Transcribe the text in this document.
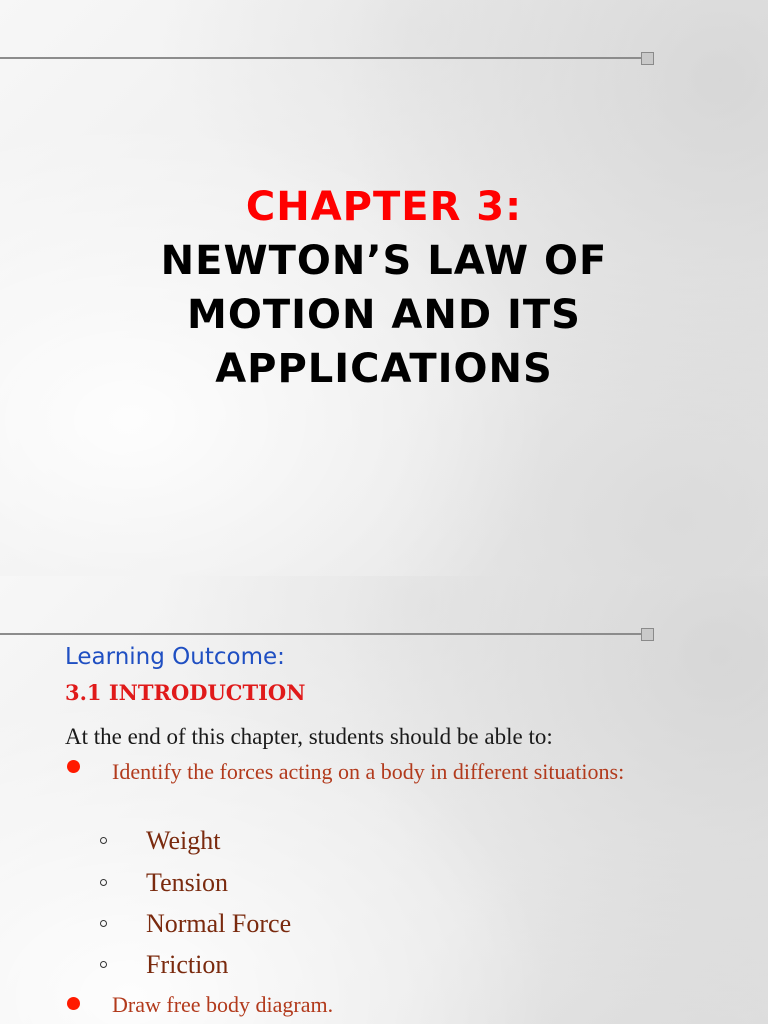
CHAPTER 3:
NEWTON’S LAW OF
MOTION AND ITS
APPLICATIONS
Learning Outcome:
3.1 INTRODUCTION
At the end of this chapter, students should be able to:
Identify the forces acting on a body in different situations:
Weight
Tension
Normal Force
Friction
Draw free body diagram.
